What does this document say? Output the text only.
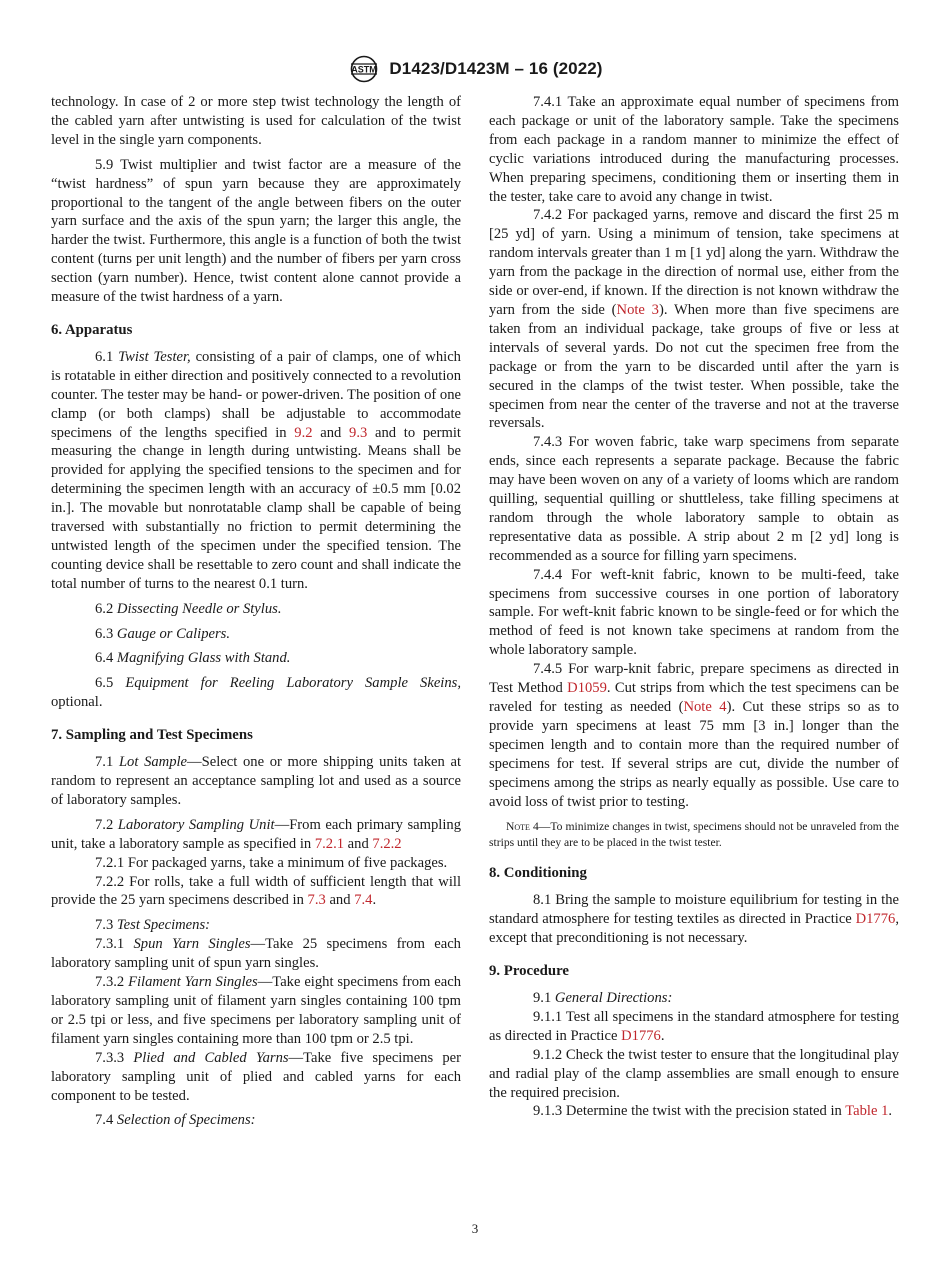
ASTM D1423/D1423M – 16 (2022)

technology. In case of 2 or more step twist technology the length of the cabled yarn after untwisting is used for calculation of the twist level in the single yarn components.

5.9 Twist multiplier and twist factor are a measure of the “twist hardness” of spun yarn because they are approximately proportional to the tangent of the angle between fibers on the outer yarn surface and the axis of the spun yarn; the larger this angle, the harder the twist. Furthermore, this angle is a function of both the twist content (turns per unit length) and the number of fibers per yarn cross section (yarn number). Hence, twist content alone cannot provide a measure of the twist hardness of a yarn.

6. Apparatus

6.1 Twist Tester, consisting of a pair of clamps, one of which is rotatable in either direction and positively connected to a revolution counter. The tester may be hand- or power-driven. The position of one clamp (or both clamps) shall be adjustable to accommodate specimens of the lengths specified in 9.2 and 9.3 and to permit measuring the change in length during untwisting. Means shall be provided for applying the specified tensions to the specimen and for determining the specimen length with an accuracy of ±0.5 mm [0.02 in.]. The movable but nonrotatable clamp shall be capable of being traversed with substantially no friction to permit determining the untwisted length of the specimen under the specified tension. The counting device shall be resettable to zero count and shall indicate the total number of turns to the nearest 0.1 turn.

6.2 Dissecting Needle or Stylus.

6.3 Gauge or Calipers.

6.4 Magnifying Glass with Stand.

6.5 Equipment for Reeling Laboratory Sample Skeins, optional.

7. Sampling and Test Specimens

7.1 Lot Sample—Select one or more shipping units taken at random to represent an acceptance sampling lot and used as a source of laboratory samples.

7.2 Laboratory Sampling Unit—From each primary sampling unit, take a laboratory sample as specified in 7.2.1 and 7.2.2

7.2.1 For packaged yarns, take a minimum of five packages.

7.2.2 For rolls, take a full width of sufficient length that will provide the 25 yarn specimens described in 7.3 and 7.4.

7.3 Test Specimens:

7.3.1 Spun Yarn Singles—Take 25 specimens from each laboratory sampling unit of spun yarn singles.

7.3.2 Filament Yarn Singles—Take eight specimens from each laboratory sampling unit of filament yarn singles containing 100 tpm or 2.5 tpi or less, and five specimens per laboratory sampling unit of filament yarn singles containing more than 100 tpm or 2.5 tpi.

7.3.3 Plied and Cabled Yarns—Take five specimens per laboratory sampling unit of plied and cabled yarns for each component to be tested.

7.4 Selection of Specimens:

7.4.1 Take an approximate equal number of specimens from each package or unit of the laboratory sample. Take the specimens from each package in a random manner to minimize the effect of cyclic variations introduced during the manufacturing processes. When preparing specimens, conditioning them or inserting them in the tester, take care to avoid any change in twist.

7.4.2 For packaged yarns, remove and discard the first 25 m [25 yd] of yarn. Using a minimum of tension, take specimens at random intervals greater than 1 m [1 yd] along the yarn. Withdraw the yarn from the package in the direction of normal use, either from the side or over-end, if known. If the direction is not known withdraw the yarn from the side (Note 3). When more than five specimens are taken from an individual package, take groups of five or less at intervals of several yards. Do not cut the specimen free from the package or from the yarn to be discarded until after the yarn is secured in the clamps of the twist tester. When possible, take the specimen from near the center of the traverse and not at the traverse reversals.

7.4.3 For woven fabric, take warp specimens from separate ends, since each represents a separate package. Because the fabric may have been woven on any of a variety of looms which are random quilling, sequential quilling or shuttleless, take filling specimens at random through the whole laboratory sample to obtain as representative data as possible. A strip about 2 m [2 yd] long is recommended as a source for filling yarn specimens.

7.4.4 For weft-knit fabric, known to be multi-feed, take specimens from successive courses in one portion of laboratory sample. For weft-knit fabric known to be single-feed or for which the method of feed is not known take specimens at random from the whole laboratory sample.

7.4.5 For warp-knit fabric, prepare specimens as directed in Test Method D1059. Cut strips from which the test specimens can be raveled for testing as needed (Note 4). Cut these strips so as to provide yarn specimens at least 75 mm [3 in.] longer than the specimen length and to contain more than the required number of specimens for test. If several strips are cut, divide the number of specimens among the strips as nearly equally as possible. Use care to avoid loss of twist prior to testing.

Note 4—To minimize changes in twist, specimens should not be unraveled from the strips until they are to be placed in the twist tester.

8. Conditioning

8.1 Bring the sample to moisture equilibrium for testing in the standard atmosphere for testing textiles as directed in Practice D1776, except that preconditioning is not necessary.

9. Procedure

9.1 General Directions:

9.1.1 Test all specimens in the standard atmosphere for testing as directed in Practice D1776.

9.1.2 Check the twist tester to ensure that the longitudinal play and radial play of the clamp assemblies are small enough to ensure the required precision.

9.1.3 Determine the twist with the precision stated in Table 1.

3
